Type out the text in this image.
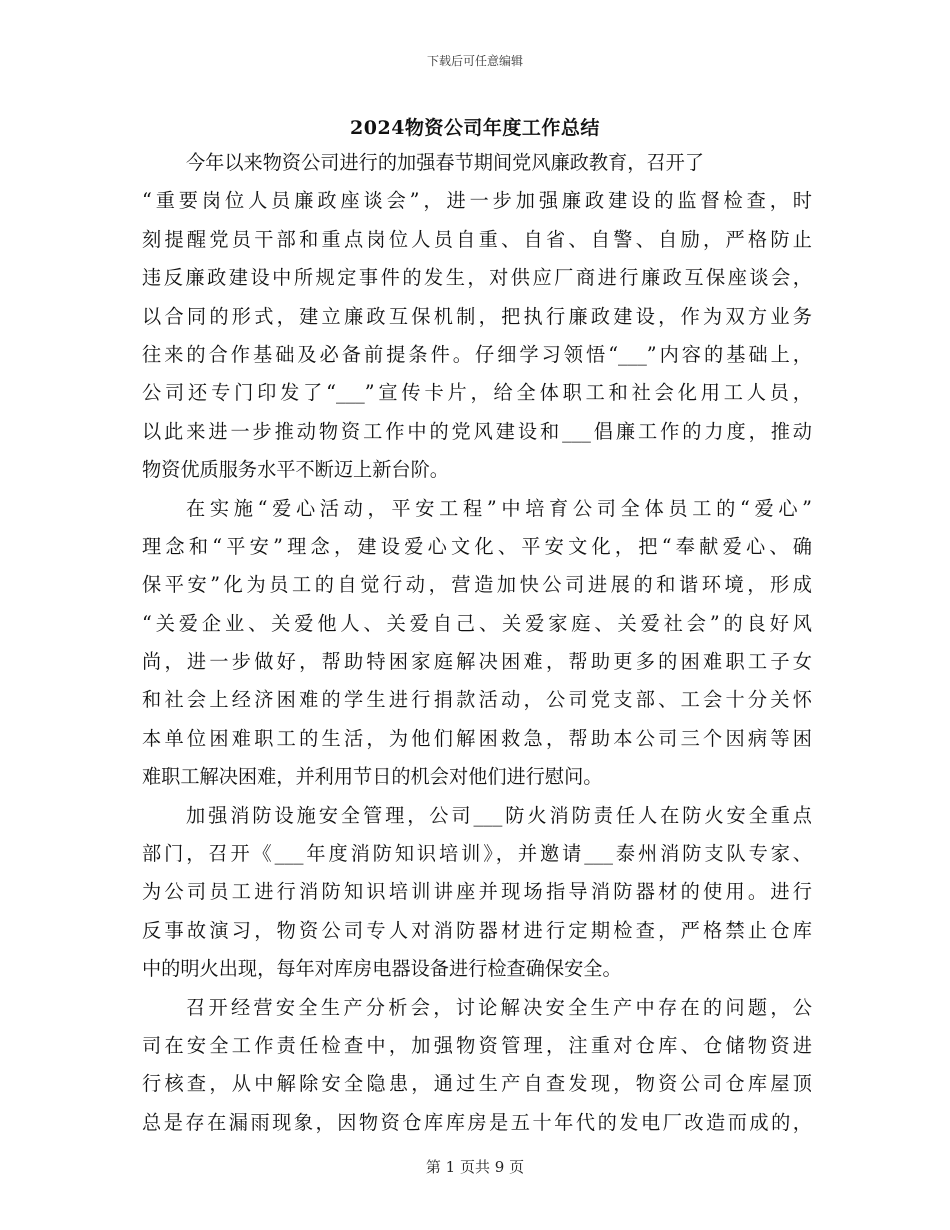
下载后可任意编辑
2024物资公司年度工作总结
今年以来物资公司进行的加强春节期间党风廉政教育，召开了
“重要岗位人员廉政座谈会”，进一步加强廉政建设的监督检查，时
刻提醒党员干部和重点岗位人员自重、自省、自警、自励，严格防止
违反廉政建设中所规定事件的发生，对供应厂商进行廉政互保座谈会，
以合同的形式，建立廉政互保机制，把执行廉政建设，作为双方业务
往来的合作基础及必备前提条件。仔细学习领悟“___”内容的基础上，
公司还专门印发了“___”宣传卡片，给全体职工和社会化用工人员，
以此来进一步推动物资工作中的党风建设和___倡廉工作的力度，推动
物资优质服务水平不断迈上新台阶。
在实施“爱心活动，平安工程”中培育公司全体员工的“爱心”
理念和“平安”理念，建设爱心文化、平安文化，把“奉献爱心、确
保平安”化为员工的自觉行动，营造加快公司进展的和谐环境，形成
“关爱企业、关爱他人、关爱自己、关爱家庭、关爱社会”的良好风
尚，进一步做好，帮助特困家庭解决困难，帮助更多的困难职工子女
和社会上经济困难的学生进行捐款活动，公司党支部、工会十分关怀
本单位困难职工的生活，为他们解困救急，帮助本公司三个因病等困
难职工解决困难，并利用节日的机会对他们进行慰问。
加强消防设施安全管理，公司___防火消防责任人在防火安全重点
部门，召开《___年度消防知识培训》，并邀请___泰州消防支队专家、
为公司员工进行消防知识培训讲座并现场指导消防器材的使用。进行
反事故演习，物资公司专人对消防器材进行定期检查，严格禁止仓库
中的明火出现，每年对库房电器设备进行检查确保安全。
召开经营安全生产分析会，讨论解决安全生产中存在的问题，公
司在安全工作责任检查中，加强物资管理，注重对仓库、仓储物资进
行核查，从中解除安全隐患，通过生产自查发现，物资公司仓库屋顶
总是存在漏雨现象，因物资仓库库房是五十年代的发电厂改造而成的，
第 1 页共 9 页
